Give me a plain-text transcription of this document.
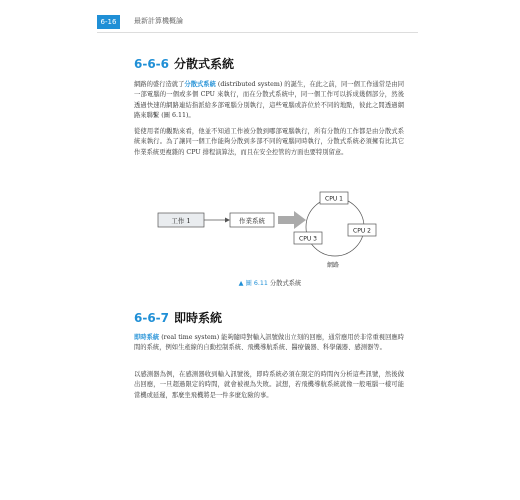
6-16	最新計算機概論
6-6-6 分散式系統

網路的盛行造就了分散式系統 (distributed system) 的誕生，在此之前，同一個工作通常是由同一部電腦的一個或多個 CPU 來執行，而在分散式系統中，同一個工作可以拆成幾個部分，然後透過快速的網路連結指派給多部電腦分別執行，這些電腦或許位於不同的地點，彼此之間透過網路來聯繫 (圖 6.11)。

從使用者的觀點來看，他並不知道工作被分散到哪部電腦執行，所有分散的工作都是由分散式系統來執行。為了讓同一個工作能夠分散到多部不同的電腦同時執行，分散式系統必須擁有比其它作業系統更複雜的 CPU 排程演算法，而且在安全控管的方面也要特別留意。

工作 1	作業系統
CPU 1
CPU 2
CPU 3
網路
▲ 圖 6.11 分散式系統
6-6-7 即時系統

即時系統 (real time system) 能夠隨時對輸入訊號做出立刻的回應，通常應用於非常重視回應時間的系統，例如生產線的自動控制系統、飛機導航系統、醫療儀器、科學儀器、感測器等。

以感測器為例，在感測器收到輸入訊號後，即時系統必須在限定的時間內分析這些訊號，然後做出回應，一旦超過限定的時間，就會被視為失敗。試想，若飛機導航系統就像一般電腦一樣可能當機或延遲，那麼坐飛機將是一件多麼危險的事。
